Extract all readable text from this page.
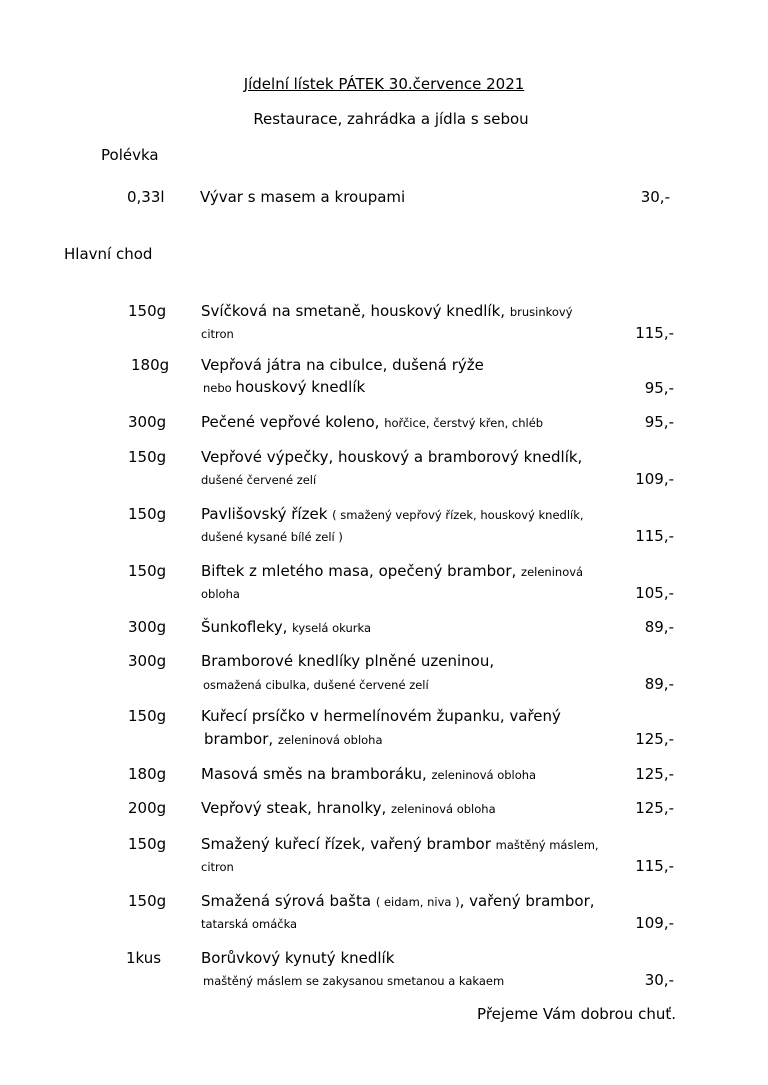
Jídelní lístek PÁTEK 30.července 2021
Restaurace, zahrádka a jídla s sebou
Polévka
0,33l Vývar s masem a kroupami	30,-
Hlavní chod
150g Svíčková na smetaně, houskový knedlík, brusinkový
citron	115,-
180g Vepřová játra na cibulce, dušená rýže
nebo houskový knedlík	95,-
300g Pečené vepřové koleno, hořčice, čerstvý křen, chléb	95,-
150g Vepřové výpečky, houskový a bramborový knedlík,
dušené červené zelí	109,-
150g Pavlišovský řízek ( smažený vepřový řízek, houskový knedlík,
dušené kysané bílé zelí )	115,-
150g Biftek z mletého masa, opečený brambor, zeleninová
obloha	105,-
300g Šunkofleky, kyselá okurka	89,-
300g Bramborové knedlíky plněné uzeninou,
osmažená cibulka, dušené červené zelí	89,-
150g Kuřecí prsíčko v hermelínovém županku, vařený
brambor, zeleninová obloha	125,-
180g Masová směs na bramboráku, zeleninová obloha	125,-
200g Vepřový steak, hranolky, zeleninová obloha	125,-
150g Smažený kuřecí řízek, vařený brambor maštěný máslem,
citron	115,-
150g Smažená sýrová bašta ( eidam, niva ), vařený brambor,
tatarská omáčka	109,-
1kus	Borůvkový kynutý knedlík
maštěný máslem se zakysanou smetanou a kakaem	30,-
Přejeme Vám dobrou chuť.
